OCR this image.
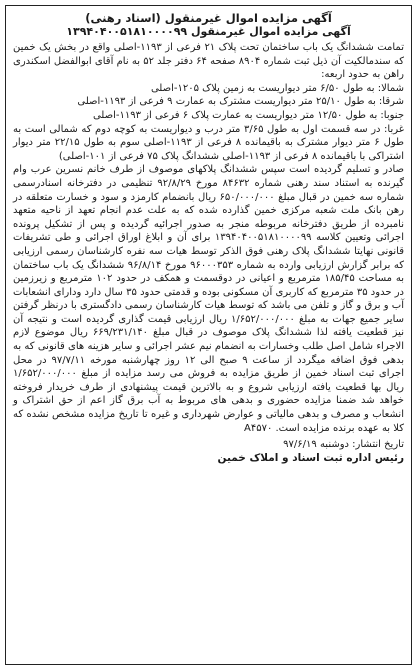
آگهی مزایده اموال غیرمنقول (اسناد رهنی)

آگهی مزایده اموال غیرمنقول ۱۳۹۴۰۴۰۰۵۱۸۱۰۰۰۰۹۹

تمامت ششدانگ یک باب ساختمان تحت پلاک ۲۱ فرعی از ۱۱۹۳-اصلی واقع در بخش یک خمین که سندمالکیت آن ذیل ثبت شماره ۸۹۰۴ صفحه ۶۴ دفتر جلد ۵۲ به نام آقای ابوالفضل اسکندری راهن به حدود اربعه:

شمالا: به طول ۶/۵۰ متر دیواریست به زمین پلاک ۱۲۰۵-اصلی

شرقا: به طول ۲۵/۱۰ متر دیواریست مشترک به عمارت ۹ فرعی از ۱۱۹۳-اصلی

جنوبا: به طول ۱۲/۵۰ متر دیواریست به عمارت پلاک ۶ فرعی از ۱۱۹۳-اصلی

غربا: در سه قسمت اول به طول ۳/۶۵ متر درب و دیواریست به کوچه دوم که شمالی است به طول ۶ متر دیوار مشترک به باقیمانده ۸ فرعی از ۱۱۹۳-اصلی سوم به طول ۲۲/۱۵ متر دیوار اشتراکی با باقیمانده ۸ فرعی از ۱۱۹۳-اصلی ششدانگ پلاک ۷۵ فرعی از ۱۰۱-اصلی)

صادر و تسلیم گردیده است سپس ششدانگ پلاکهای موصوف از طرف خانم نسرین عرب وام گیرنده به استناد سند رهنی شماره ۸۴۶۳۲ مورخ ۹۲/۸/۲۹ تنظیمی در دفترخانه اسنادرسمی شماره سه خمین در قبال مبلغ ۶۵۰/۰۰۰/۰۰۰ ریال بانضمام کارمزد و سود و خسارت متعلقه در رهن بانک ملت شعبه مرکزی خمین گذارده شده که به علت عدم انجام تعهد از ناحیه متعهد نامبرده از طریق دفترخانه مربوطه منجر به صدور اجرائیه گردیده و پس از تشکیل پرونده اجرائی وتعیین کلاسه ۱۳۹۴۰۴۰۰۵۱۸۱۰۰۰۰۹۹ برای آن و ابلاغ اوراق اجرائی و طی تشریفات قانونی نهایتا ششدانگ پلاک رهنی فوق الذکر توسط هیات سه نفره کارشناسان رسمی ارزیابی که برابر گزارش ارزیابی وارده به شماره ۹۶۰۰۰۳۵۳ مورخ ۹۶/۸/۱۴ ششدانگ یک باب ساختمان به مساحت ۱۸۵/۴۵ مترمربع و اعیانی در دوقسمت و همکف در حدود ۱۰۲ مترمربع و زیرزمین در حدود ۳۵ مترمربع که کاربری آن مسکونی بوده و قدمتی حدود ۳۵ سال دارد ودارای انشعابات آب و برق و گاز و تلفن می باشد که توسط هیات کارشناسان رسمی دادگستری با درنظر گرفتن سایر جمیع جهات به مبلغ ۱/۶۵۲/۰۰۰/۰۰۰ ریال ارزیابی قیمت گذاری گردیده است و نتیجه آن نیز قطعیت یافته لذا ششدانگ پلاک موصوف در قبال مبلغ ۶۶۹/۲۳۱/۱۴۰ ریال موضوع لازم الاجراء شامل اصل طلب وخسارات به انضمام نیم عشر اجرائی و سایر هزینه های قانونی که به بدهی فوق اضافه میگردد از ساعت ۹ صبح الی ۱۲ روز چهارشنبه مورخه ۹۷/۷/۱۱ در محل اجرای ثبت اسناد خمین از طریق مزایده به فروش می رسد مزایده از مبلغ ۱/۶۵۲/۰۰۰/۰۰۰ ریال بها قطعیت یافته ارزیابی شروع و به بالاترین قیمت پیشنهادی از طرف خریدار فروخته خواهد شد ضمنا مزایده حضوری و بدهی های مربوط به آب برق گاز اعم از حق اشتراک و انشعاب و مصرف و بدهی مالیاتی و عوارض شهرداری و غیره تا تاریخ مزایده مشخص نشده که کلا به عهده برنده مزایده است. A۴۵۷۰

تاریخ انتشار: دوشنبه ۹۷/۶/۱۹

رئیس اداره ثبت اسناد و املاک خمین
